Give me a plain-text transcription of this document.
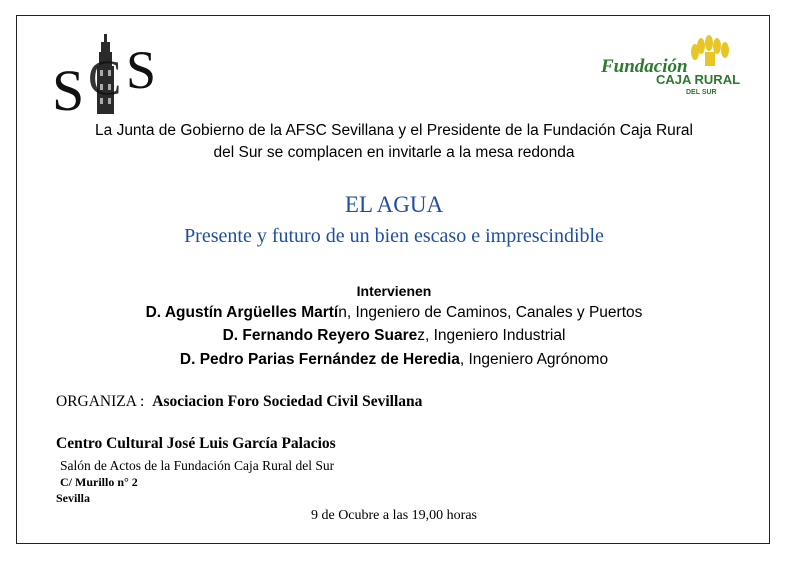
S C S	Fundación
CAJA RURAL
DEL SUR
La Junta de Gobierno de la AFSC Sevillana y el Presidente de la Fundación Caja Rural
del Sur se complacen en invitarle a la mesa redonda
EL AGUA
Presente y futuro de un bien escaso e imprescindible
Intervienen
D. Agustín Argüelles Martín, Ingeniero de Caminos, Canales y Puertos
D. Fernando Reyero Suarez, Ingeniero Industrial
D. Pedro Parias Fernández de Heredia, Ingeniero Agrónomo
ORGANIZA : Asociacion Foro Sociedad Civil Sevillana
Centro Cultural José Luis García Palacios
Salón de Actos de la Fundación Caja Rural del Sur
C/ Murillo n° 2
Sevilla
9 de Ocubre a las 19,00 horas
